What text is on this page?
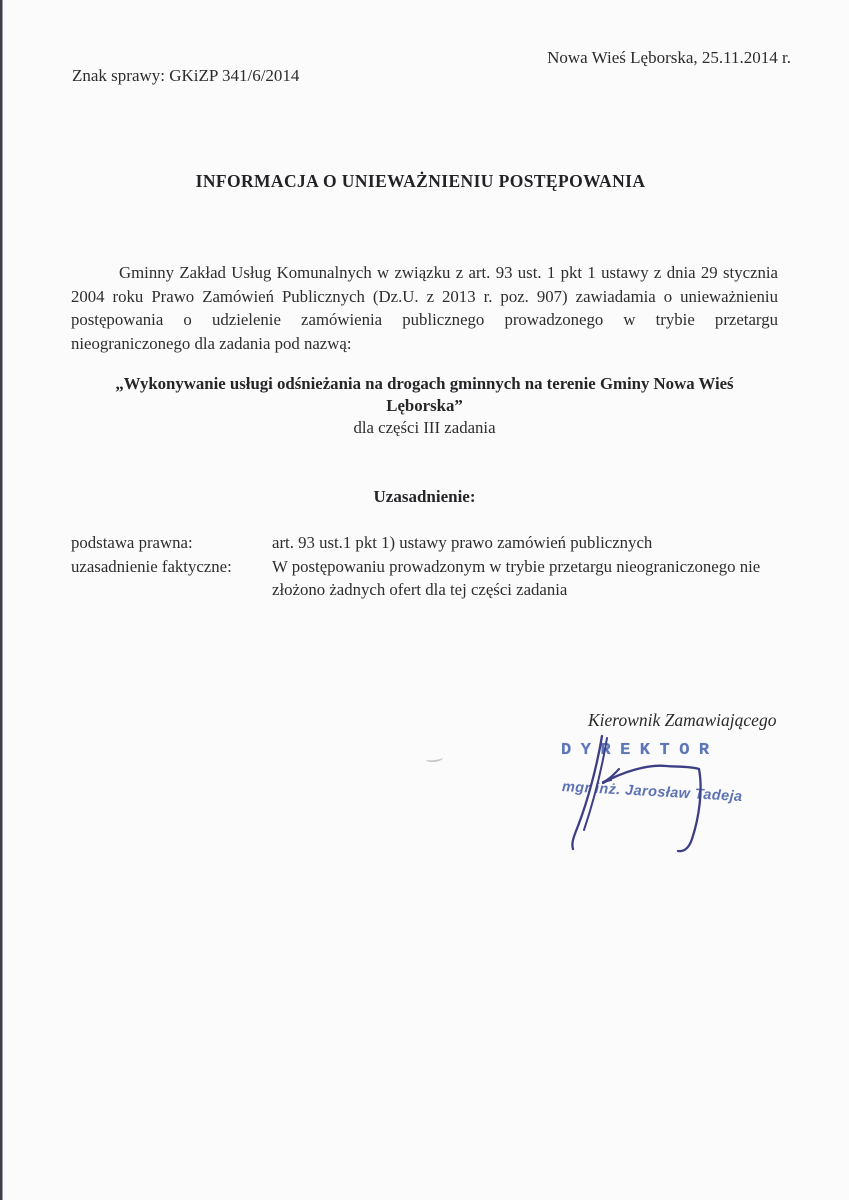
Nowa Wieś Lęborska, 25.11.2014 r.
Znak sprawy: GKiZP 341/6/2014
INFORMACJA O UNIEWAŻNIENIU POSTĘPOWANIA
Gminny Zakład Usług Komunalnych w związku z art. 93 ust. 1 pkt 1 ustawy z dnia 29 stycznia
2004 roku Prawo Zamówień Publicznych (Dz.U. z 2013 r. poz. 907) zawiadamia o unieważnieniu
postępowania o udzielenie zamówienia publicznego prowadzonego w trybie przetargu
nieograniczonego dla zadania pod nazwą:
„Wykonywanie usługi odśnieżania na drogach gminnych na terenie Gminy Nowa Wieś
Lęborska”
dla części III zadania
Uzasadnienie:
podstawa prawna:	art. 93 ust.1 pkt 1) ustawy prawo zamówień publicznych
uzasadnienie faktyczne:	W postępowaniu prowadzonym w trybie przetargu nieograniczonego nie złożono żadnych ofert dla tej części zadania
Kierownik Zamawiającego
DYREKTOR
mgr inż. Jarosław Tadeja
